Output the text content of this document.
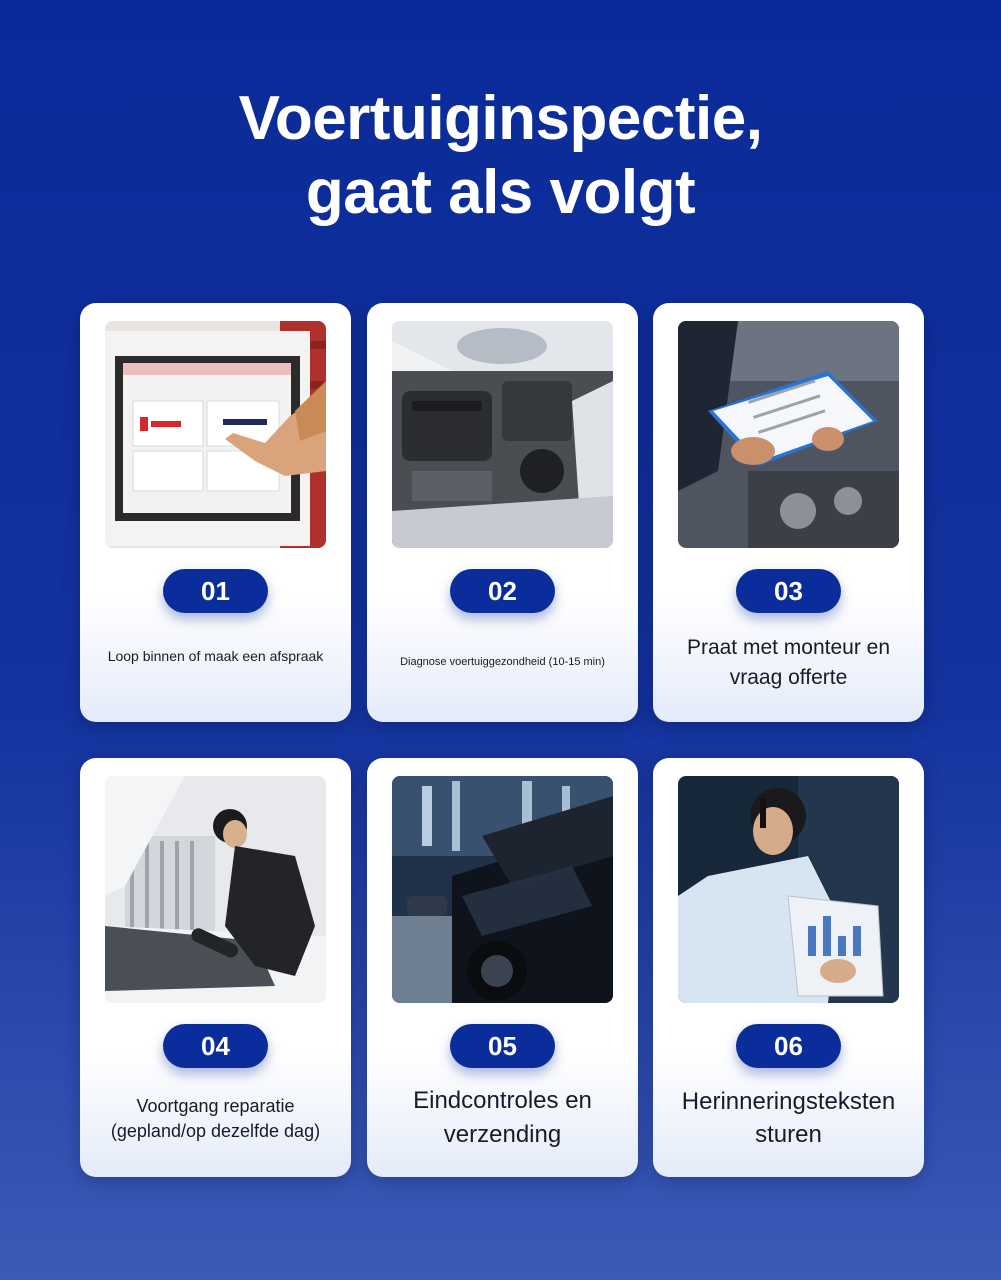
Voertuiginspectie,
gaat als volgt
01
Loop binnen of maak een afspraak
02
Diagnose voertuiggezondheid (10-15 min)
03
Praat met monteur en vraag offerte
04
Voortgang reparatie (gepland/op dezelfde dag)
05
Eindcontroles en verzending
06
Herinneringsteksten sturen
